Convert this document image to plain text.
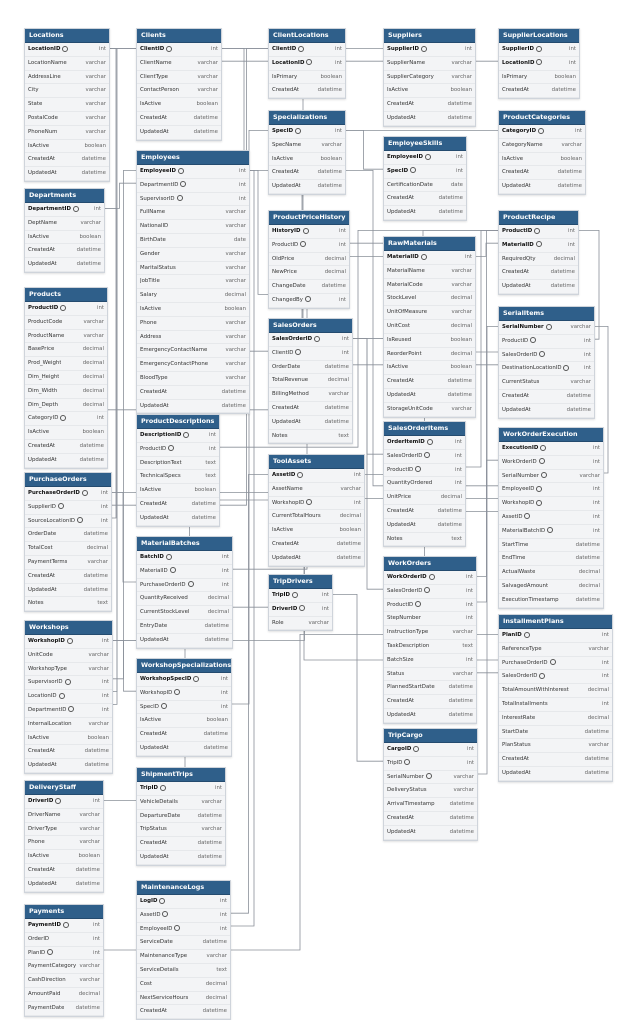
Locations
LocationID	int
LocationName	varchar
AddressLine	varchar
City	varchar
State	varchar
PostalCode	varchar
PhoneNum	varchar
IsActive	boolean
CreatedAt	datetime
UpdatedAt	datetime
Clients
ClientID	int
ClientName	varchar
ClientType	varchar
ContactPerson	varchar
IsActive	boolean
CreatedAt	datetime
UpdatedAt	datetime
ClientLocations
ClientID	int
LocationID	int
IsPrimary	boolean
CreatedAt	datetime
Suppliers
SupplierID	int
SupplierName	varchar
SupplierCategory	varchar
IsActive	boolean
CreatedAt	datetime
UpdatedAt	datetime
SupplierLocations
SupplierID	int
LocationID	int
IsPrimary	boolean
CreatedAt	datetime
Employees
EmployeeID	int
DepartmentID	int
SupervisorID	int
FullName	varchar
NationalID	varchar
BirthDate	date
Gender	varchar
MaritalStatus	varchar
JobTitle	varchar
Salary	decimal
IsActive	boolean
Phone	varchar
Address	varchar
EmergencyContactName	varchar
EmergencyContactPhone	varchar
BloodType	varchar
CreatedAt	datetime
UpdatedAt	datetime
Specializations
SpecID	int
SpecName	varchar
IsActive	boolean
CreatedAt	datetime
UpdatedAt	datetime
EmployeeSkills
EmployeeID	int
SpecID	int
CertificationDate	date
CreatedAt	datetime
UpdatedAt	datetime
ProductCategories
CategoryID	int
CategoryName	varchar
IsActive	boolean
CreatedAt	datetime
UpdatedAt	datetime
Departments
DepartmentID	int
DeptName	varchar
IsActive	boolean
CreatedAt	datetime
UpdatedAt	datetime
ProductPriceHistory
HistoryID	int
ProductID	int
OldPrice	decimal
NewPrice	decimal
ChangeDate	datetime
ChangedBy	int
ProductRecipe
ProductID	int
MaterialID	int
RequiredQty	decimal
CreatedAt	datetime
UpdatedAt	datetime
RawMaterials
MaterialID	int
MaterialName	varchar
MaterialCode	varchar
StockLevel	decimal
UnitOfMeasure	varchar
UnitCost	decimal
IsReused	boolean
ReorderPoint	decimal
IsActive	boolean
CreatedAt	datetime
UpdatedAt	datetime
StorageUnitCode	varchar
Products
ProductID	int
ProductCode	varchar
ProductName	varchar
BasePrice	decimal
Prod_Weight	decimal
Dim_Height	decimal
Dim_Width	decimal
Dim_Depth	decimal
CategoryID	int
IsActive	boolean
CreatedAt	datetime
UpdatedAt	datetime
SalesOrders
SalesOrderID	int
ClientID	int
OrderDate	datetime
TotalRevenue	decimal
BillingMethod	varchar
CreatedAt	datetime
UpdatedAt	datetime
Notes	text
SerialItems
SerialNumber	varchar
ProductID	int
SalesOrderID	int
DestinationLocationID	int
CurrentStatus	varchar
CreatedAt	datetime
UpdatedAt	datetime
ProductDescriptions
DescriptionID	int
ProductID	int
DescriptionText	text
TechnicalSpecs	text
IsActive	boolean
CreatedAt	datetime
UpdatedAt	datetime
SalesOrderItems
OrderItemID	int
SalesOrderID	int
ProductID	int
QuantityOrdered	int
UnitPrice	decimal
CreatedAt	datetime
UpdatedAt	datetime
Notes	text
WorkOrderExecution
ExecutionID	int
WorkOrderID	int
SerialNumber	varchar
EmployeeID	int
WorkshopID	int
AssetID	int
MaterialBatchID	int
StartTime	datetime
EndTime	datetime
ActualWaste	decimal
SalvagedAmount	decimal
ExecutionTimestamp	datetime
ToolAssets
AssetID	int
AssetName	varchar
WorkshopID	int
CurrentTotalHours	decimal
IsActive	boolean
CreatedAt	datetime
UpdatedAt	datetime
PurchaseOrders
PurchaseOrderID	int
SupplierID	int
SourceLocationID	int
OrderDate	datetime
TotalCost	decimal
PaymentTerms	varchar
CreatedAt	datetime
UpdatedAt	datetime
Notes	text
MaterialBatches
BatchID	int
MaterialID	int
PurchaseOrderID	int
QuantityReceived	decimal
CurrentStockLevel	decimal
EntryDate	datetime
UpdatedAt	datetime
WorkOrders
WorkOrderID	int
SalesOrderID	int
ProductID	int
StepNumber	int
InstructionType	varchar
TaskDescription	text
BatchSize	int
Status	varchar
PlannedStartDate	datetime
CreatedAt	datetime
UpdatedAt	datetime
TripDrivers
TripID	int
DriverID	int
Role	varchar
Workshops
WorkshopID	int
UnitCode	varchar
WorkshopType	varchar
SupervisorID	int
LocationID	int
DepartmentID	int
InternalLocation	varchar
IsActive	boolean
CreatedAt	datetime
UpdatedAt	datetime
WorkshopSpecializations
WorkshopSpecID	int
WorkshopID	int
SpecID	int
IsActive	boolean
CreatedAt	datetime
UpdatedAt	datetime
InstallmentPlans
PlanID	int
ReferenceType	varchar
PurchaseOrderID	int
SalesOrderID	int
TotalAmountWithInterest	decimal
TotalInstallments	int
InterestRate	decimal
StartDate	datetime
PlanStatus	varchar
CreatedAt	datetime
UpdatedAt	datetime
TripCargo
CargoID	int
TripID	int
SerialNumber	varchar
DeliveryStatus	varchar
ArrivalTimestamp	datetime
CreatedAt	datetime
UpdatedAt	datetime
DeliveryStaff
DriverID	int
DriverName	varchar
DriverType	varchar
Phone	varchar
IsActive	boolean
CreatedAt	datetime
UpdatedAt	datetime
ShipmentTrips
TripID	int
VehicleDetails	varchar
DepartureDate	datetime
TripStatus	varchar
CreatedAt	datetime
UpdatedAt	datetime
MaintenanceLogs
LogID	int
AssetID	int
EmployeeID	int
ServiceDate	datetime
MaintenanceType	varchar
ServiceDetails	text
Cost	decimal
NextServiceHours	decimal
CreatedAt	datetime
Payments
PaymentID	int
OrderID	int
PlanID	int
PaymentCategory varchar
CashDirection	varchar
AmountPaid	decimal
PaymentDate datetime
